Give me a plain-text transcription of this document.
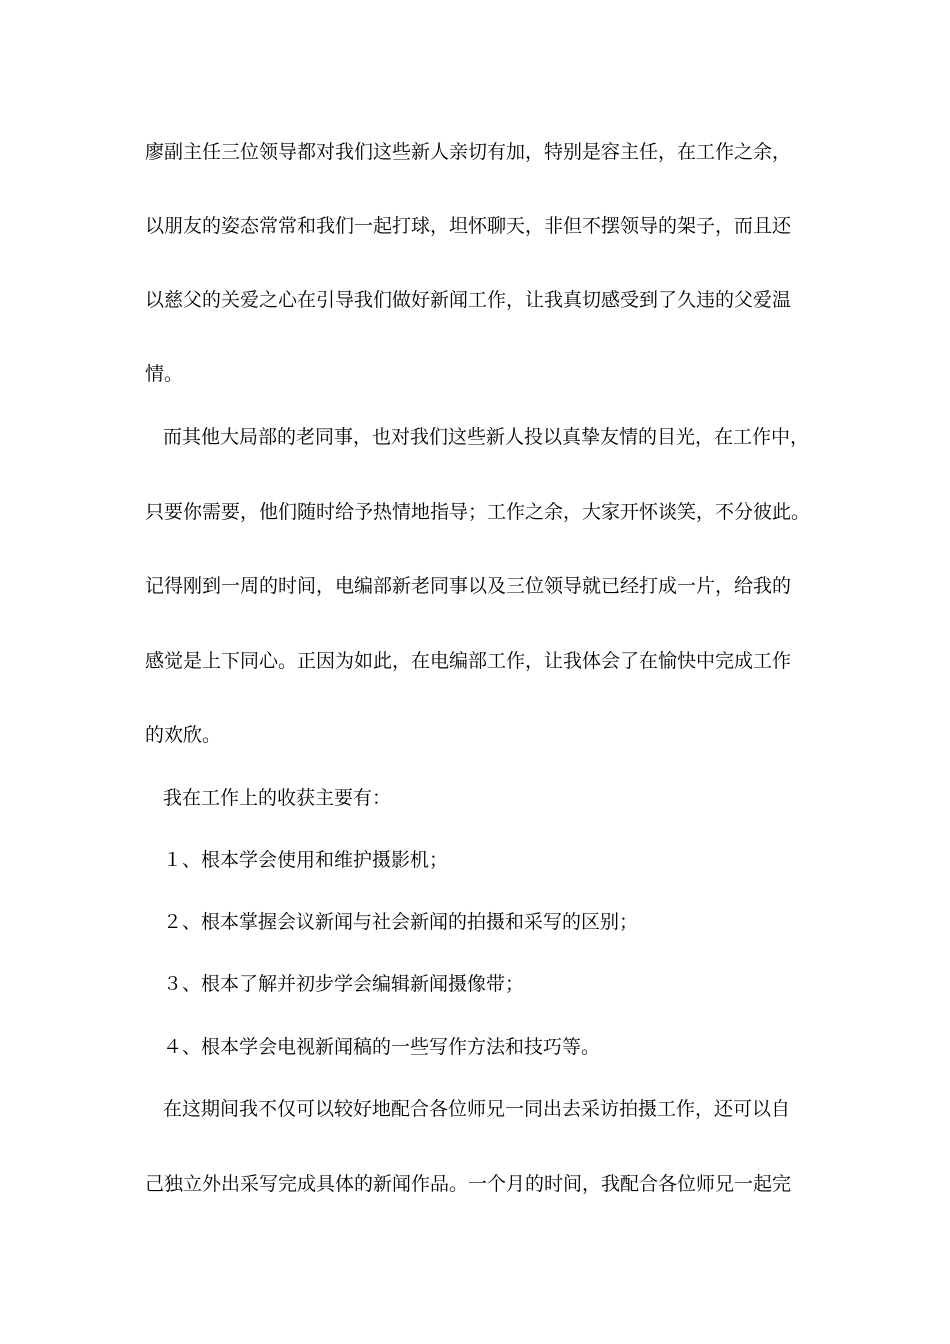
廖副主任三位领导都对我们这些新人亲切有加，特别是容主任，在工作之余，
以朋友的姿态常常和我们一起打球，坦怀聊天，非但不摆领导的架子，而且还
以慈父的关爱之心在引导我们做好新闻工作，让我真切感受到了久违的父爱温
情。
而其他大局部的老同事，也对我们这些新人投以真挚友情的目光，在工作中，
只要你需要，他们随时给予热情地指导；工作之余，大家开怀谈笑，不分彼此。
记得刚到一周的时间，电编部新老同事以及三位领导就已经打成一片，给我的
感觉是上下同心。正因为如此，在电编部工作，让我体会了在愉快中完成工作
的欢欣。
我在工作上的收获主要有：
１、根本学会使用和维护摄影机；
２、根本掌握会议新闻与社会新闻的拍摄和采写的区别；
３、根本了解并初步学会编辑新闻摄像带；
４、根本学会电视新闻稿的一些写作方法和技巧等。
在这期间我不仅可以较好地配合各位师兄一同出去采访拍摄工作，还可以自
己独立外出采写完成具体的新闻作品。一个月的时间，我配合各位师兄一起完
